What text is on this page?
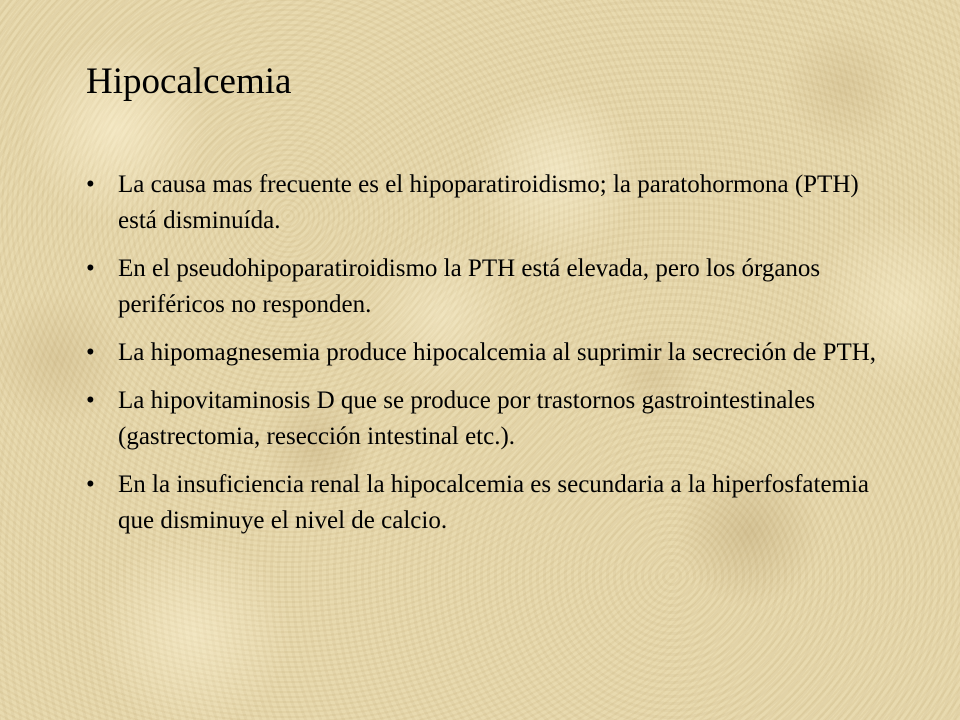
Hipocalcemia
• La causa mas frecuente es el hipoparatiroidismo; la paratohormona (PTH) está disminuída.
• En el pseudohipoparatiroidismo la PTH está elevada, pero los órganos periféricos no responden.
• La hipomagnesemia produce hipocalcemia al suprimir la secreción de PTH,
• La hipovitaminosis D que se produce por trastornos gastrointestinales (gastrectomia, resección intestinal etc.).
• En la insuficiencia renal la hipocalcemia es secundaria a la hiperfosfatemia que disminuye el nivel de calcio.
